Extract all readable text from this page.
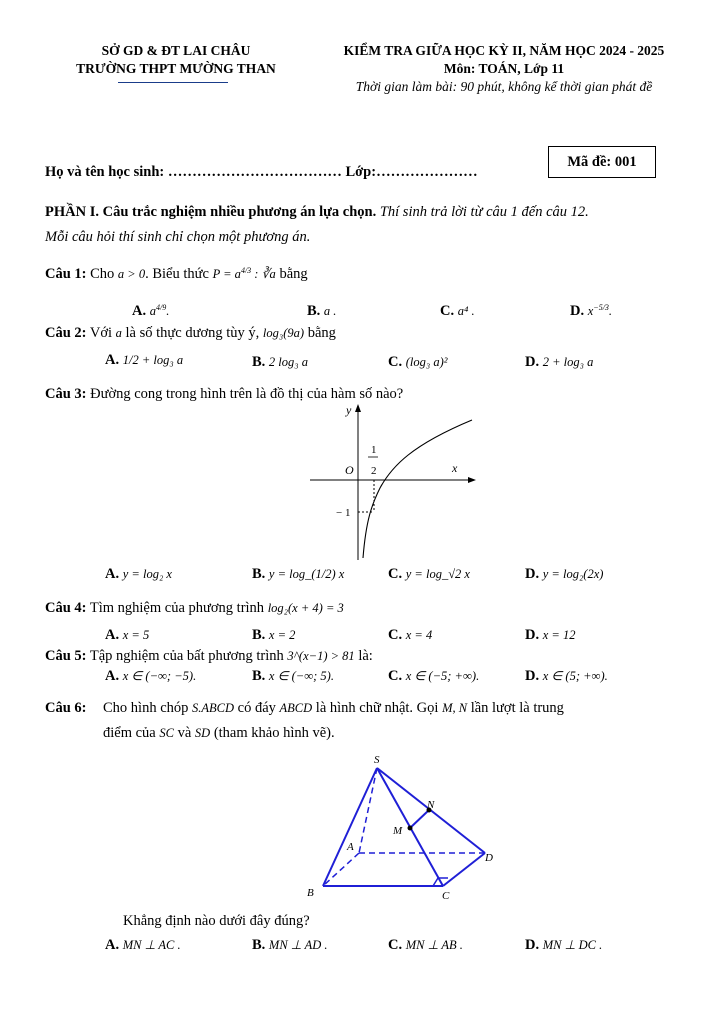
SỞ GD & ĐT LAI CHÂU
TRƯỜNG THPT MƯỜNG THAN
KIỂM TRA GIỮA HỌC KỲ II, NĂM HỌC 2024 - 2025
Môn: TOÁN, Lớp 11
Thời gian làm bài: 90 phút, không kể thời gian phát đề
Mã đề: 001
Họ và tên học sinh: ……………………………… Lớp:…………………
PHẦN I. Câu trắc nghiệm nhiều phương án lựa chọn. Thí sinh trả lời từ câu 1 đến câu 12.
Mỗi câu hỏi thí sinh chỉ chọn một phương án.
Câu 1: Cho a > 0. Biểu thức $P = a^{4/3}$ : ∛a bằng
A. $a^{4/9}$.	B. a .	C. a⁴ .	D. $x^{-5/3}$.
Câu 2: Với a là số thực dương tùy ý, log₃(9a) bằng
A. 1/2 + log₃ a	B. 2 log₃ a	C. (log₃ a)²	D. 2 + log₃ a
Câu 3: Đường cong trong hình trên là đồ thị của hàm số nào?
y
x
O
1
2
− 1
A. y = log₂ x	B. y = log_(1/2) x	C. y = log_√2 x	D. y = log₂(2x)
Câu 4: Tìm nghiệm của phương trình log₂(x + 4) = 3
A. x = 5	B. x = 2	C. x = 4	D. x = 12
Câu 5: Tập nghiệm của bất phương trình 3^(x−1) > 81 là:
A. x ∈ (−∞; −5).	B. x ∈ (−∞; 5).	C. x ∈ (−5; +∞).	D. x ∈ (5; +∞).
Câu 6: Cho hình chóp S.ABCD có đáy ABCD là hình chữ nhật. Gọi M, N lần lượt là trung
điểm của SC và SD (tham khảo hình vẽ).
S
N
M
A
D
B	C
Khẳng định nào dưới đây đúng?
A. MN ⊥ AC .	B. MN ⊥ AD .	C. MN ⊥ AB .	D. MN ⊥ DC .
